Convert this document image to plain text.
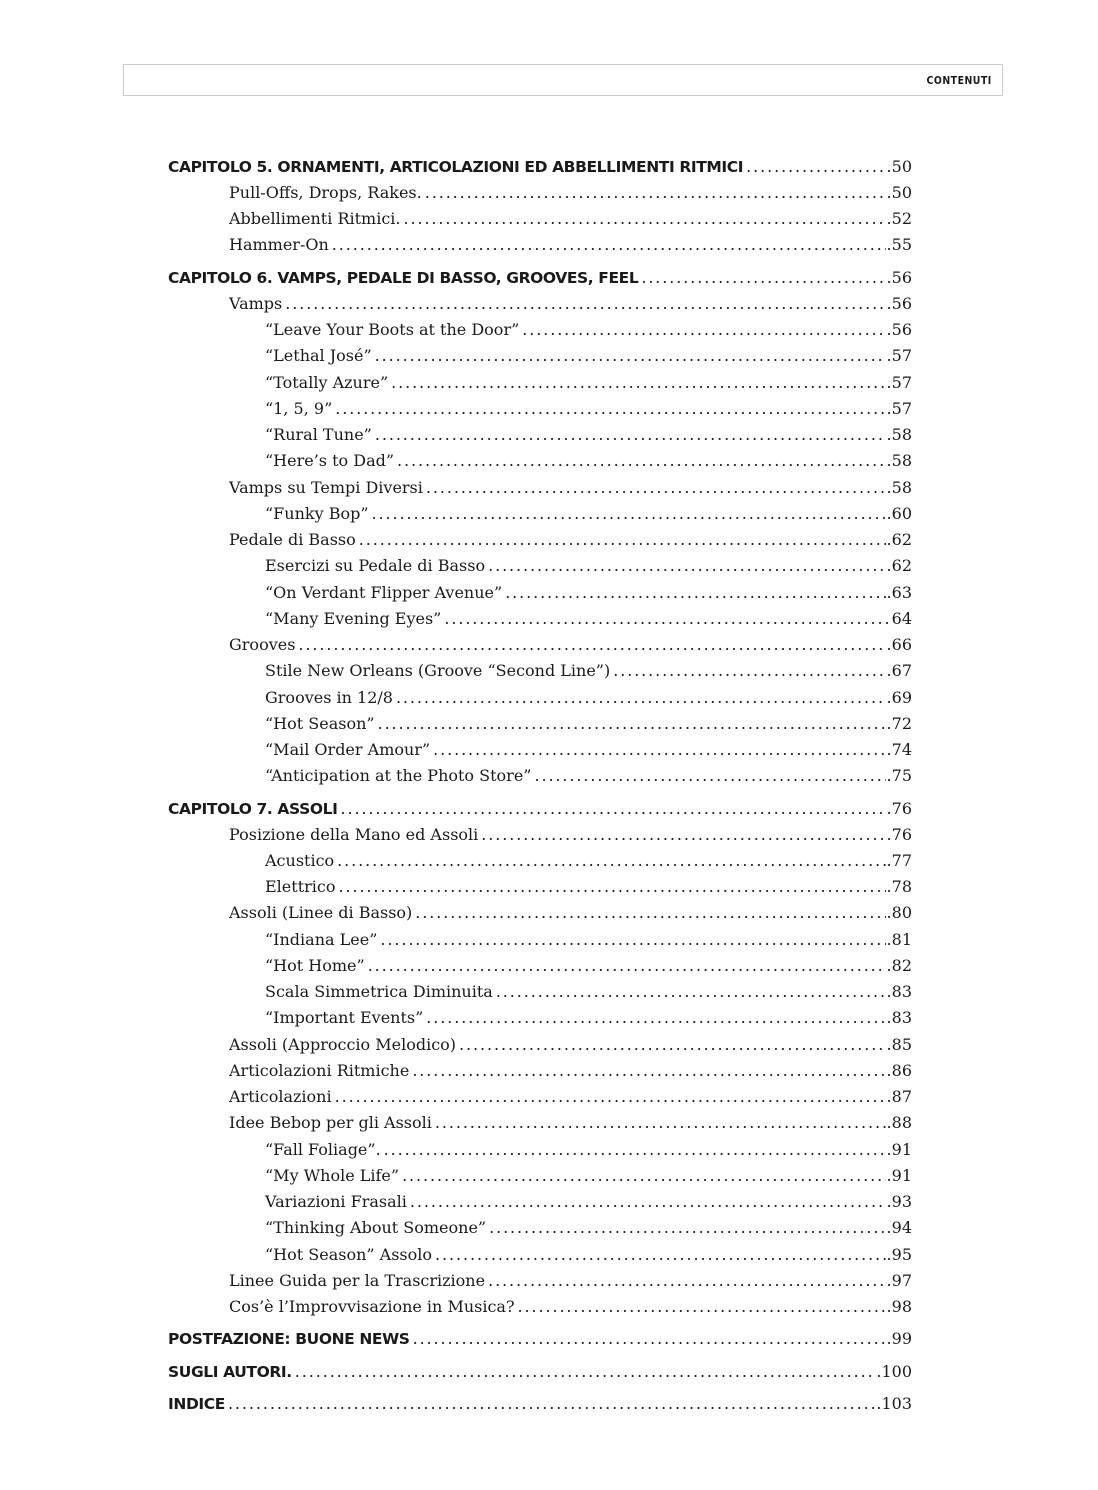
CONTENUTI
CAPITOLO 5. ORNAMENTI, ARTICOLAZIONI ED ABBELLIMENTI RITMICI .....	.50
Pull-Offs, Drops, Rakes. .....	.50
Abbellimenti Ritmici. .....	.52
Hammer-On .....	.55
CAPITOLO 6. VAMPS, PEDALE DI BASSO, GROOVES, FEEL .....	.56
Vamps .....	.56
“Leave Your Boots at the Door” .....	.56
“Lethal José” .....	.57
“Totally Azure” .....	.57
“1, 5, 9” .....	.57
“Rural Tune” .....	.58
“Here’s to Dad” .....	.58
Vamps su Tempi Diversi .....	.58
“Funky Bop” .....	.60
Pedale di Basso .....	.62
Esercizi su Pedale di Basso .....	.62
“On Verdant Flipper Avenue” .....	.63
“Many Evening Eyes” .....	64
Grooves .....	.66
Stile New Orleans (Groove “Second Line”) .....	.67
Grooves in 12/8 .....	.69
“Hot Season” .....	.72
“Mail Order Amour” .....	.74
“Anticipation at the Photo Store” .....	.75
CAPITOLO 7. ASSOLI .....	.76
Posizione della Mano ed Assoli .....	.76
Acustico .....	.77
Elettrico .....	.78
Assoli (Linee di Basso) .....	.80
“Indiana Lee” .....	.81
“Hot Home” .....	.82
Scala Simmetrica Diminuita .....	.83
“Important Events” .....	.83
Assoli (Approccio Melodico) .....	.85
Articolazioni Ritmiche .....	.86
Articolazioni .....	.87
Idee Bebop per gli Assoli .....	.88
“Fall Foliage”. .....	.91
“My Whole Life” .....	.91
Variazioni Frasali .....	.93
“Thinking About Someone” .....	.94
“Hot Season” Assolo .....	.95
Linee Guida per la Trascrizione .....	.97
Cos’è l’Improvvisazione in Musica? .....	.98
POSTFAZIONE: BUONE NEWS .....	.99
SUGLI AUTORI. .....	.100
INDICE .....	.103
